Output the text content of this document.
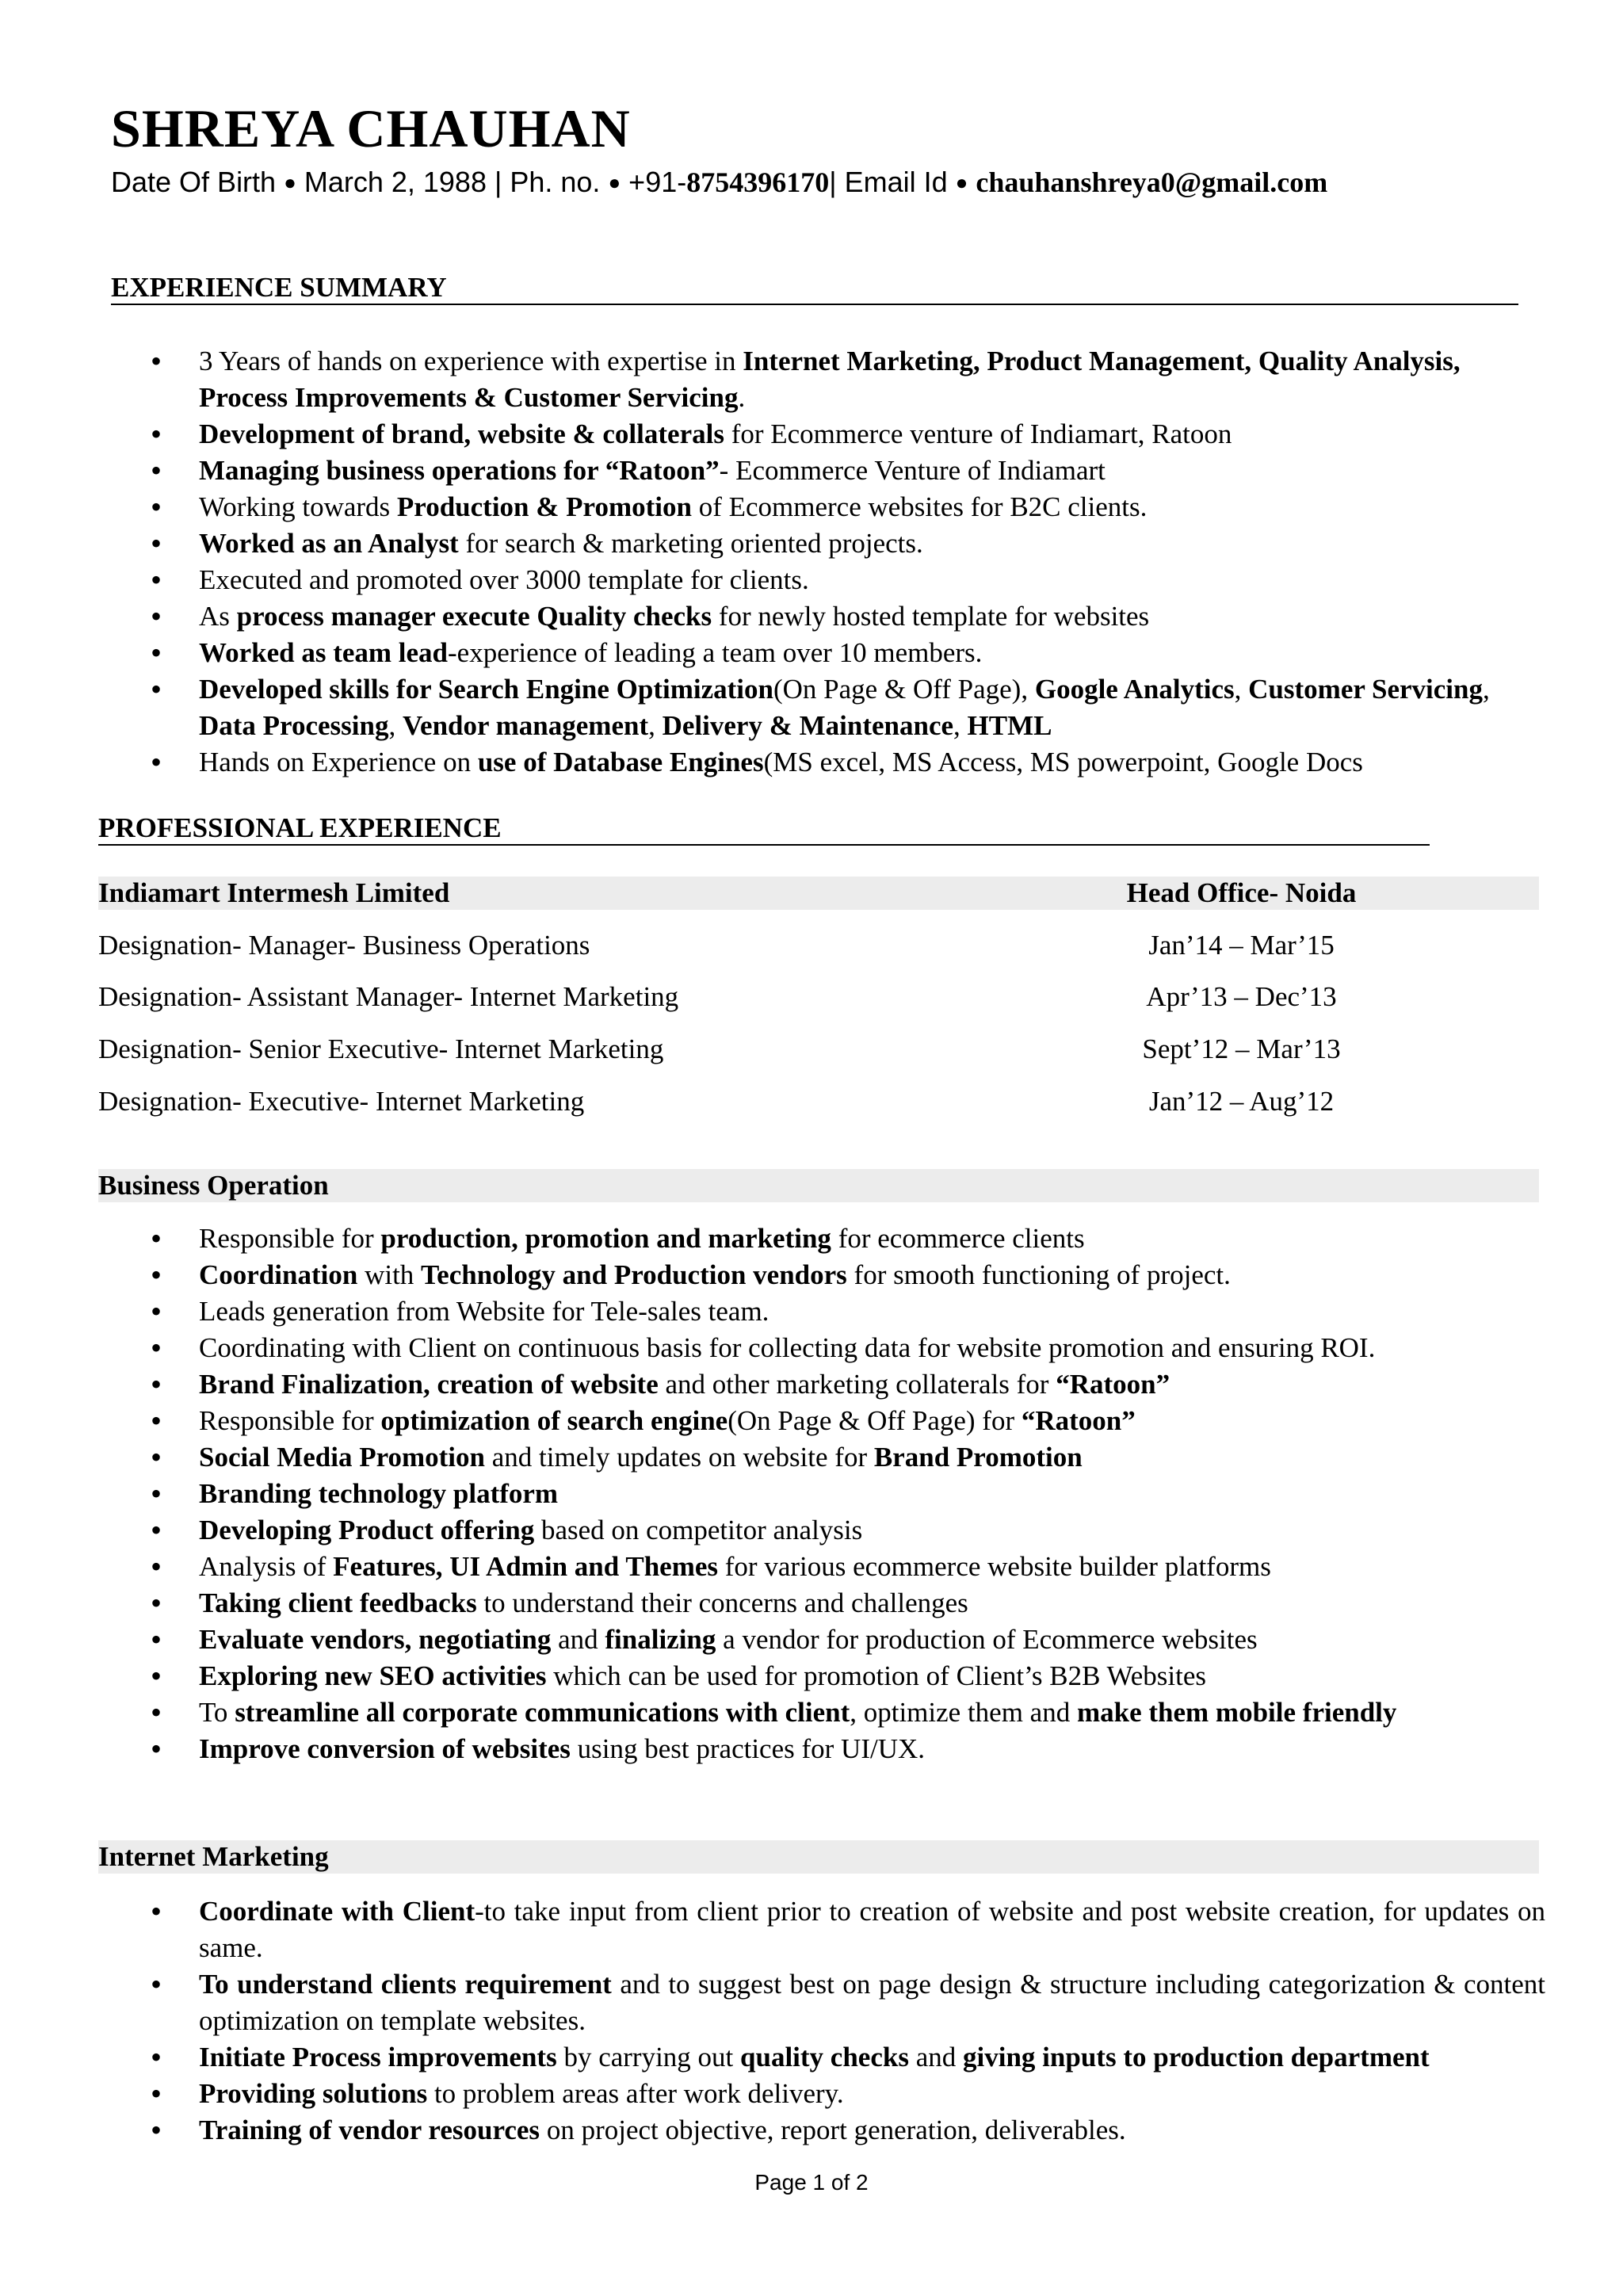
SHREYA CHAUHAN
Date Of Birth ● March 2, 1988 | Ph. no. ● +91-8754396170| Email Id ● chauhanshreya0@gmail.com
EXPERIENCE SUMMARY
• 3 Years of hands on experience with expertise in Internet Marketing, Product Management, Quality Analysis, Process Improvements & Customer Servicing.
• Development of brand, website & collaterals for Ecommerce venture of Indiamart, Ratoon
• Managing business operations for “Ratoon”- Ecommerce Venture of Indiamart
• Working towards Production & Promotion of Ecommerce websites for B2C clients.
• Worked as an Analyst for search & marketing oriented projects.
• Executed and promoted over 3000 template for clients.
• As process manager execute Quality checks for newly hosted template for websites
• Worked as team lead-experience of leading a team over 10 members.
• Developed skills for Search Engine Optimization(On Page & Off Page), Google Analytics, Customer Servicing, Data Processing, Vendor management, Delivery & Maintenance, HTML
• Hands on Experience on use of Database Engines(MS excel, MS Access, MS powerpoint, Google Docs
PROFESSIONAL EXPERIENCE
Indiamart Intermesh Limited	Head Office- Noida
Designation- Manager- Business Operations	Jan’14 – Mar’15
Designation- Assistant Manager- Internet Marketing	Apr’13 – Dec’13
Designation- Senior Executive- Internet Marketing	Sept’12 – Mar’13
Designation- Executive- Internet Marketing	Jan’12 – Aug’12
Business Operation
• Responsible for production, promotion and marketing for ecommerce clients
• Coordination with Technology and Production vendors for smooth functioning of project.
• Leads generation from Website for Tele-sales team.
• Coordinating with Client on continuous basis for collecting data for website promotion and ensuring ROI.
• Brand Finalization, creation of website and other marketing collaterals for “Ratoon”
• Responsible for optimization of search engine(On Page & Off Page) for “Ratoon”
• Social Media Promotion and timely updates on website for Brand Promotion
• Branding technology platform
• Developing Product offering based on competitor analysis
• Analysis of Features, UI Admin and Themes for various ecommerce website builder platforms
• Taking client feedbacks to understand their concerns and challenges
• Evaluate vendors, negotiating and finalizing a vendor for production of Ecommerce websites
• Exploring new SEO activities which can be used for promotion of Client’s B2B Websites
• To streamline all corporate communications with client, optimize them and make them mobile friendly
• Improve conversion of websites using best practices for UI/UX.
Internet Marketing
• Coordinate with Client-to take input from client prior to creation of website and post website creation, for updates on same.
• To understand clients requirement and to suggest best on page design & structure including categorization & content optimization on template websites.
• Initiate Process improvements by carrying out quality checks and giving inputs to production department
• Providing solutions to problem areas after work delivery.
• Training of vendor resources on project objective, report generation, deliverables.
Page 1 of 2
